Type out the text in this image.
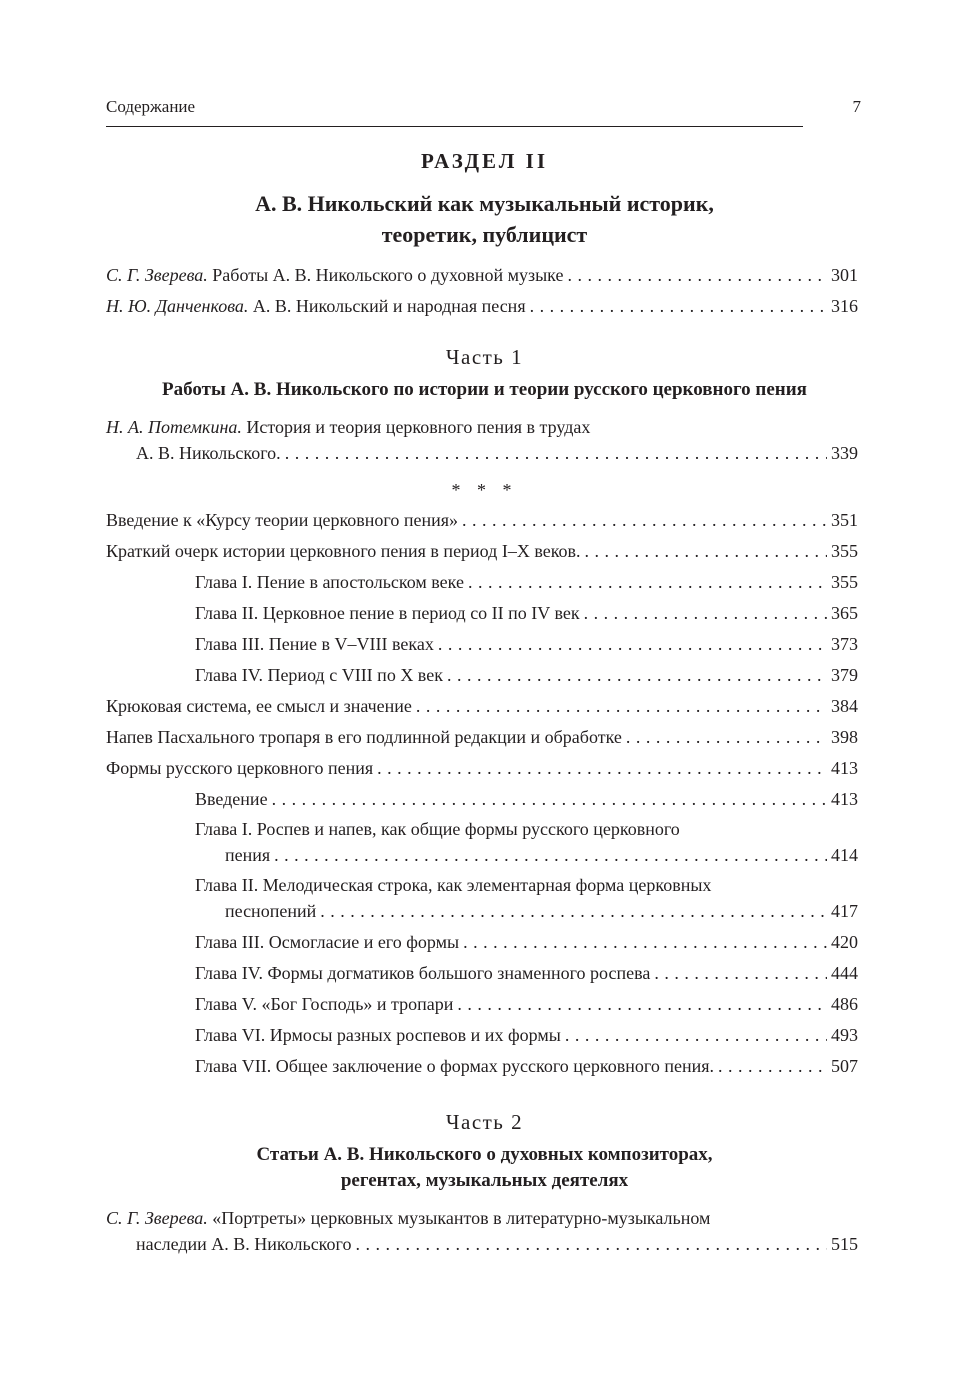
Содержание	7
РАЗДЕЛ II
А. В. Никольский как музыкальный историк,
теоретик, публицист
С. Г. Зверева. Работы А. В. Никольского о духовной музыке . . .	301
Н. Ю. Данченкова. А. В. Никольский и народная песня . . .	316
Часть 1
Работы А. В. Никольского по истории и теории русского церковного пения
Н. А. Потемкина. История и теория церковного пения в трудах
А. В. Никольского. . . .	339
* * *
Введение к «Курсу теории церковного пения» . . .	351
Краткий очерк истории церковного пения в период I–X веков. . . .	355
Глава I. Пение в апостольском веке . . .	355
Глава II. Церковное пение в период со II по IV век . . .	365
Глава III. Пение в V–VIII веках . . .	373
Глава IV. Период с VIII по X век . . .	379
Крюковая система, ее смысл и значение . . .	384
Напев Пасхального тропаря в его подлинной редакции и обработке . . .	398
Формы русского церковного пения . . .	413
Введение . . .	413
Глава I. Роспев и напев, как общие формы русского церковного
пения . . .	414
Глава II. Мелодическая строка, как элементарная форма церковных
песнопений . . .	417
Глава III. Осмогласие и его формы . . .	420
Глава IV. Формы догматиков большого знаменного роспева . . .	444
Глава V. «Бог Господь» и тропари . . .	486
Глава VI. Ирмосы разных роспевов и их формы . . .	493
Глава VII. Общее заключение о формах русского церковного пения. . . .	507
Часть 2
Статьи А. В. Никольского о духовных композиторах,
регентах, музыкальных деятелях
С. Г. Зверева. «Портреты» церковных музыкантов в литературно-музыкальном
наследии А. В. Никольского . . .	515
